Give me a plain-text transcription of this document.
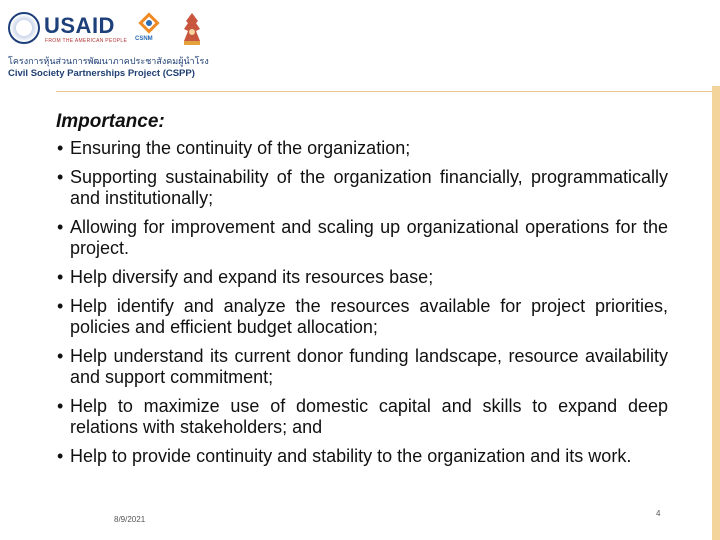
USAID
FROM THE AMERICAN PEOPLE CSNM
โครงการหุ้นส่วนการพัฒนาภาคประชาสังคมผู้นำโรง
Civil Society Partnerships Project (CSPP)
Importance:
• Ensuring the continuity of the organization;
• Supporting sustainability of the organization financially, programmatically and institutionally;
• Allowing for improvement and scaling up organizational operations for the project.
• Help diversify and expand its resources base;
• Help identify and analyze the resources available for project priorities, policies and efficient budget allocation;
• Help understand its current donor funding landscape, resource availability and support commitment;
• Help to maximize use of domestic capital and skills to expand deep relations with stakeholders; and
• Help to provide continuity and stability to the organization and its work.
8/9/2021
4
